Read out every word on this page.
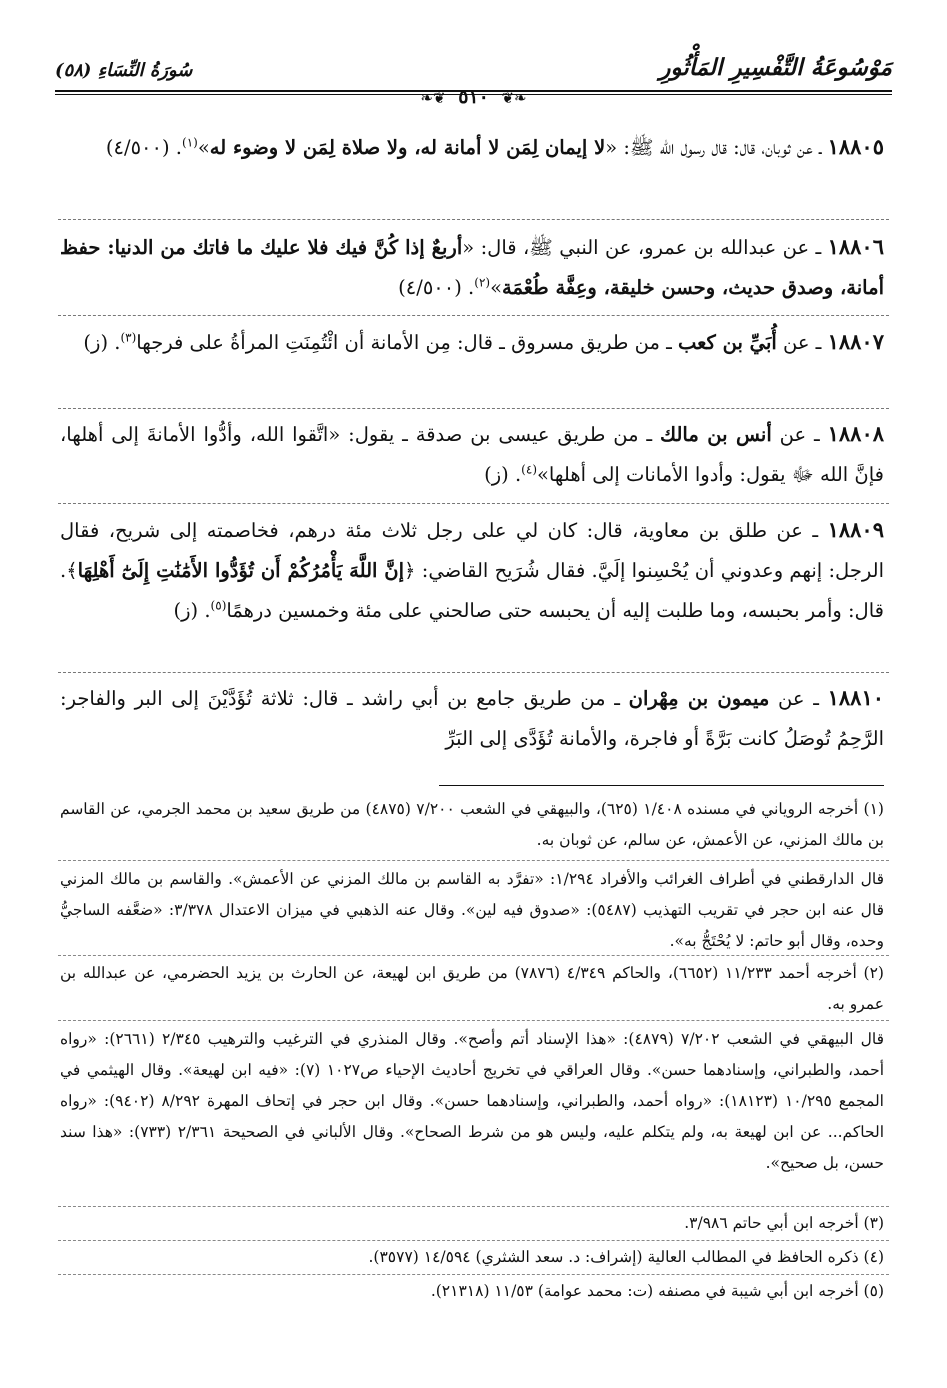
مَوْسُوعَةُ التَّفْسِيرِ المَأْثُورِ
سُورَةُ النِّسَاءِ (٥٨)
❧❦ ٥١٠ ❦❧
١٨٨٠٥ ـ عن ثوبان، قال: قال رسول الله ﷺ: «لا إيمان لِمَن لا أمانة له، ولا صلاة لِمَن لا وضوء له»$^{(١)}$. (٤/٥٠٠)
١٨٨٠٦ ـ عن عبدالله بن عمرو، عن النبي ﷺ، قال: «أربعٌ إذا كُنَّ فيك فلا عليك ما فاتك من الدنيا: حفظ أمانة، وصدق حديث، وحسن خليقة، وعِفَّة طُعْمَة»$^{(٢)}$. (٤/٥٠٠)
١٨٨٠٧ ـ عن أُبَيِّ بن كعب ـ من طريق مسروق ـ قال: مِن الأمانة أن ائْتُمِنَتِ المرأةُ على فرجها$^{(٣)}$. (ز)
١٨٨٠٨ ـ عن أنس بن مالك ـ من طريق عيسى بن صدقة ـ يقول: «اتَّقوا الله، وأدُّوا الأمانةَ إلى أهلها، فإنَّ الله ﷻ يقول: وأدوا الأمانات إلى أهلها»$^{(٤)}$. (ز)
١٨٨٠٩ ـ عن طلق بن معاوية، قال: كان لي على رجل ثلاث مئة درهم، فخاصمته إلى شريح، فقال الرجل: إنهم وعدوني أن يُحْسِنوا إلَيَّ. فقال شُرَيح القاضي: ﴿إنَّ اللَّهَ يَأْمُرُكُمْ أَن تُؤَدُّوا الأَمَٰنَٰتِ إِلَىٰٓ أَهْلِهَا﴾. قال: وأمر بحبسه، وما طلبت إليه أن يحبسه حتى صالحني على مئة وخمسين درهمًا$^{(٥)}$. (ز)
١٨٨١٠ ـ عن ميمون بن مِهْران ـ من طريق جامع بن أبي راشد ـ قال: ثلاثة تُؤَدَّيْنَ إلى البر والفاجر: الرَّحِمُ تُوصَلُ كانت بَرَّةً أو فاجرة، والأمانة تُؤَدَّى إلى البَرِّ
(١) أخرجه الروياني في مسنده ١/٤٠٨ (٦٢٥)، والبيهقي في الشعب ٧/٢٠٠ (٤٨٧٥) من طريق سعيد بن محمد الجرمي، عن القاسم بن مالك المزني، عن الأعمش، عن سالم، عن ثوبان به.
قال الدارقطني في أطراف الغرائب والأفراد ١/٢٩٤: «تفرَّد به القاسم بن مالك المزني عن الأعمش». والقاسم بن مالك المزني قال عنه ابن حجر في تقريب التهذيب (٥٤٨٧): «صدوق فيه لين». وقال عنه الذهبي في ميزان الاعتدال ٣/٣٧٨: «ضعَّفه الساجيُّ وحده، وقال أبو حاتم: لا يُحْتَجُّ به».
(٢) أخرجه أحمد ١١/٢٣٣ (٦٦٥٢)، والحاكم ٤/٣٤٩ (٧٨٧٦) من طريق ابن لهيعة، عن الحارث بن يزيد الحضرمي، عن عبدالله بن عمرو به.
قال البيهقي في الشعب ٧/٢٠٢ (٤٨٧٩): «هذا الإسناد أتم وأصح». وقال المنذري في الترغيب والترهيب ٢/٣٤٥ (٢٦٦١): «رواه أحمد، والطبراني، وإسنادهما حسن». وقال العراقي في تخريج أحاديث الإحياء ص١٠٢٧ (٧): «فيه ابن لهيعة». وقال الهيثمي في المجمع ١٠/٢٩٥ (١٨١٢٣): «رواه أحمد، والطبراني، وإسنادهما حسن». وقال ابن حجر في إتحاف المهرة ٨/٢٩٢ (٩٤٠٢): «رواه الحاكم... عن ابن لهيعة به، ولم يتكلم عليه، وليس هو من شرط الصحاح». وقال الألباني في الصحيحة ٢/٣٦١ (٧٣٣): «هذا سند حسن، بل صحيح».
(٣) أخرجه ابن أبي حاتم ٣/٩٨٦.
(٤) ذكره الحافظ في المطالب العالية (إشراف: د. سعد الشثري) ١٤/٥٩٤ (٣٥٧٧).
(٥) أخرجه ابن أبي شيبة في مصنفه (ت: محمد عوامة) ١١/٥٣ (٢١٣١٨).
